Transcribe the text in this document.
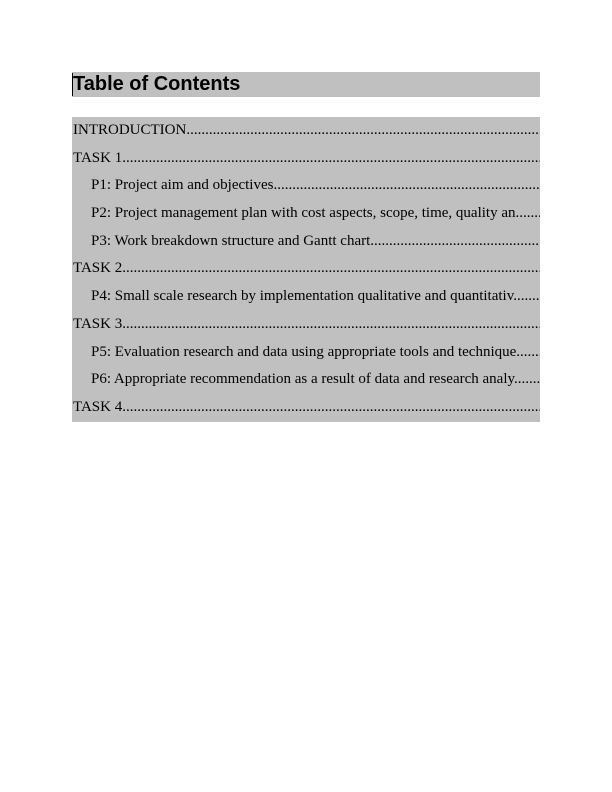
Table of Contents
INTRODUCTION .....
TASK 1 .....
P1: Project aim and objectives .....
P2: Project management plan with cost aspects, scope, time, quality an .....
P3: Work breakdown structure and Gantt chart .....
TASK 2 .....
P4: Small scale research by implementation qualitative and quantitativ .....
TASK 3 .....
P5: Evaluation research and data using appropriate tools and technique .....
P6: Appropriate recommendation as a result of data and research analy .....
TASK 4 .....
